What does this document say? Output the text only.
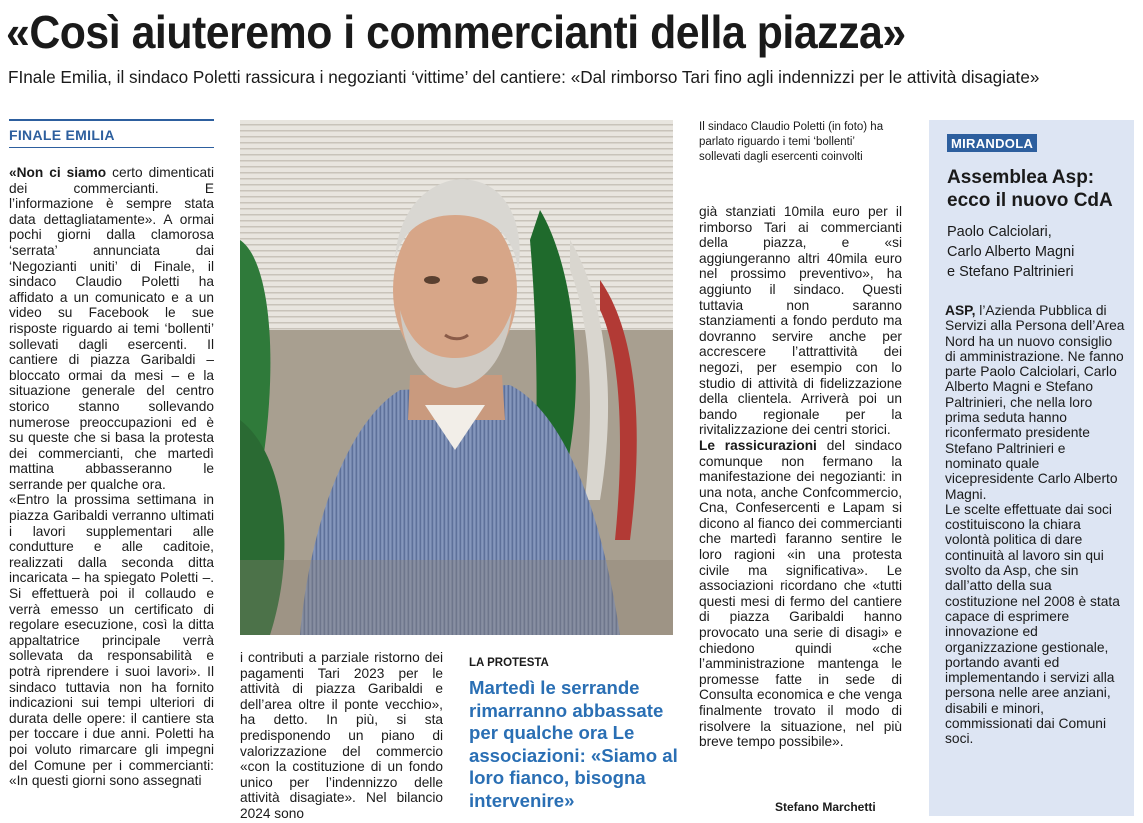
«Così aiuteremo i commercianti della piazza»
FInale Emilia, il sindaco Poletti rassicura i negozianti ‘vittime’ del cantiere: «Dal rimborso Tari fino agli indennizzi per le attività disagiate»
FINALE EMILIA

«Non ci siamo certo dimenticati dei commercianti. E l’informazione è sempre stata data dettagliatamente». A ormai pochi giorni dalla clamorosa ‘serrata’ annunciata dai ‘Negozianti uniti’ di Finale, il sindaco Claudio Poletti ha affidato a un comunicato e a un video su Facebook le sue risposte riguardo ai temi ‘bollenti’ sollevati dagli esercenti. Il cantiere di piazza Garibaldi – bloccato ormai da mesi – e la situazione generale del centro storico stanno sollevando numerose preoccupazioni ed è su queste che si basa la protesta dei commercianti, che martedì mattina abbasseranno le serrande per qualche ora.

«Entro la prossima settimana in piazza Garibaldi verranno ultimati i lavori supplementari alle condutture e alle caditoie, realizzati dalla seconda ditta incaricata – ha spiegato Poletti –. Si effettuerà poi il collaudo e verrà emesso un certificato di regolare esecuzione, così la ditta appaltatrice principale verrà sollevata da responsabilità e potrà riprendere i suoi lavori». Il sindaco tuttavia non ha fornito indicazioni sui tempi ulteriori di durata delle opere: il cantiere sta per toccare i due anni. Poletti ha poi voluto rimarcare gli impegni del Comune per i commercianti: «In questi giorni sono assegnati

i contributi a parziale ristorno dei pagamenti Tari 2023 per le attività di piazza Garibaldi e dell’area oltre il ponte vecchio», ha detto. In più, si sta predisponendo un piano di valorizzazione del commercio «con la costituzione di un fondo unico per l’indennizzo delle attività disagiate». Nel bilancio 2024 sono

LA PROTESTA
Martedì le serrande rimarranno abbassate per qualche ora Le associazioni: «Siamo al loro fianco, bisogna intervenire»
Il sindaco Claudio Poletti (in foto) ha parlato riguardo i temi ‘bollenti’ sollevati dagli esercenti coinvolti

già stanziati 10mila euro per il rimborso Tari ai commercianti della piazza, e «si aggiungeranno altri 40mila euro nel prossimo preventivo», ha aggiunto il sindaco. Questi tuttavia non saranno stanziamenti a fondo perduto ma dovranno servire anche per accrescere l’attrattività dei negozi, per esempio con lo studio di attività di fidelizzazione della clientela. Arriverà poi un bando regionale per la rivitalizzazione dei centri storici.

Le rassicurazioni del sindaco comunque non fermano la manifestazione dei negozianti: in una nota, anche Confcommercio, Cna, Confesercenti e Lapam si dicono al fianco dei commercianti che martedì faranno sentire le loro ragioni «in una protesta civile ma significativa». Le associazioni ricordano che «tutti questi mesi di fermo del cantiere di piazza Garibaldi hanno provocato una serie di disagi» e chiedono quindi «che l’amministrazione mantenga le promesse fatte in sede di Consulta economica e che venga finalmente trovato il modo di risolvere la situazione, nel più breve tempo possibile».

Stefano Marchetti
MIRANDOLA
Assemblea Asp: ecco il nuovo CdA
Paolo Calciolari,
Carlo Alberto Magni
e Stefano Paltrinieri

ASP, l’Azienda Pubblica di Servizi alla Persona dell’Area Nord ha un nuovo consiglio di amministrazione. Ne fanno parte Paolo Calciolari, Carlo Alberto Magni e Stefano Paltrinieri, che nella loro prima seduta hanno riconfermato presidente Stefano Paltrinieri e nominato quale vicepresidente Carlo Alberto Magni.

Le scelte effettuate dai soci costituiscono la chiara volontà politica di dare continuità al lavoro sin qui svolto da Asp, che sin dall’atto della sua costituzione nel 2008 è stata capace di esprimere innovazione ed organizzazione gestionale, portando avanti ed implementando i servizi alla persona nelle aree anziani, disabili e minori, commissionati dai Comuni soci.
